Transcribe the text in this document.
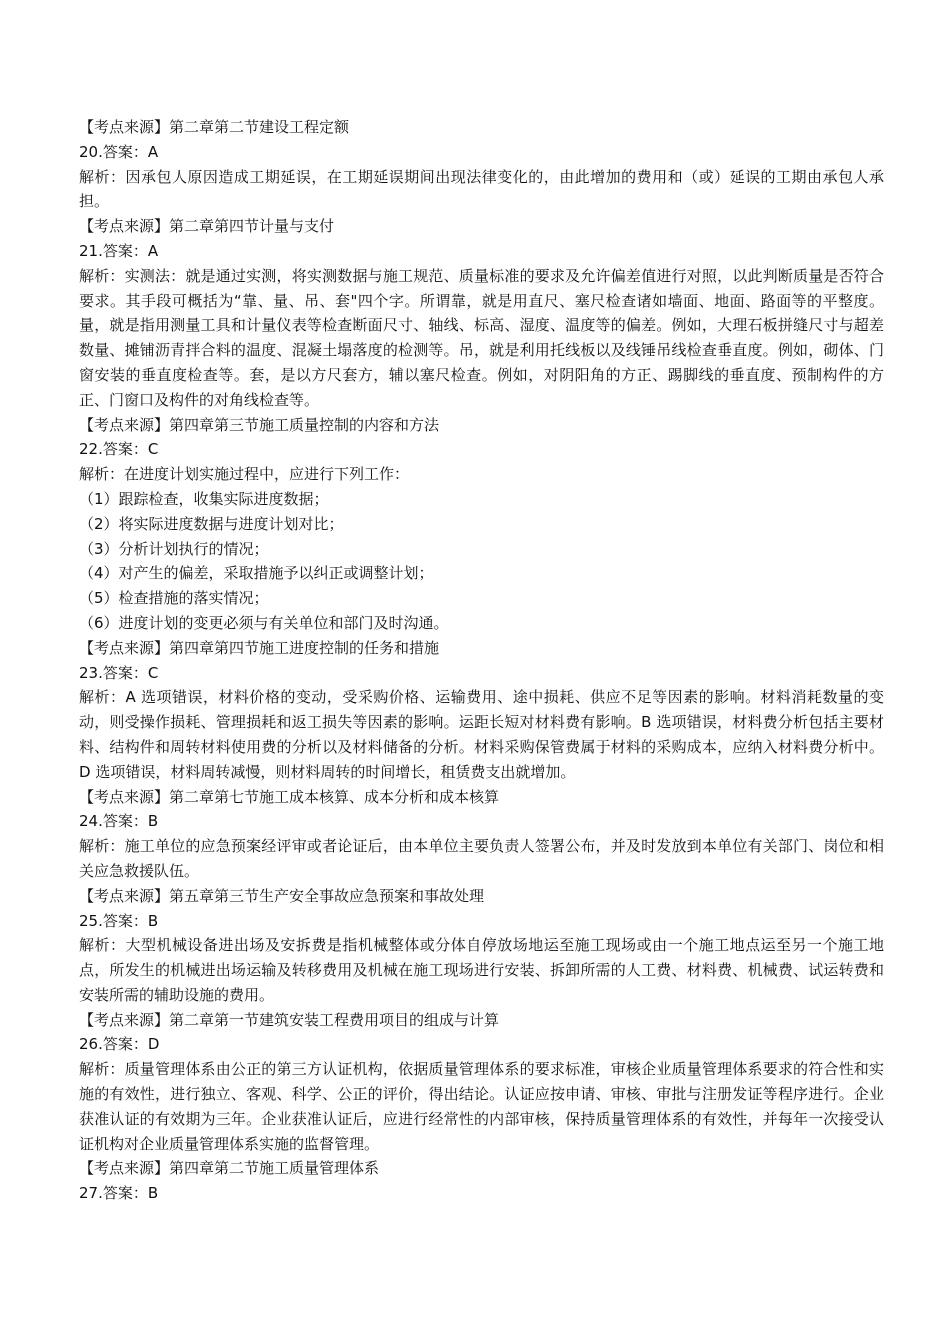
【考点来源】第二章第二节建设工程定额
20.答案：A
解析：因承包人原因造成工期延误，在工期延误期间出现法律变化的，由此增加的费用和（或）延误的工期由承包人承担。
【考点来源】第二章第四节计量与支付
21.答案：A
解析：实测法：就是通过实测，将实测数据与施工规范、质量标准的要求及允许偏差值进行对照，以此判断质量是否符合要求。其手段可概括为“靠、量、吊、套"四个字。所谓靠，就是用直尺、塞尺检查诸如墙面、地面、路面等的平整度。量，就是指用测量工具和计量仪表等检查断面尺寸、轴线、标高、湿度、温度等的偏差。例如，大理石板拼缝尺寸与超差数量、摊铺沥青拌合料的温度、混凝土塌落度的检测等。吊，就是利用托线板以及线锤吊线检查垂直度。例如，砌体、门窗安装的垂直度检查等。套，是以方尺套方，辅以塞尺检查。例如，对阴阳角的方正、踢脚线的垂直度、预制构件的方正、门窗口及构件的对角线检查等。
【考点来源】第四章第三节施工质量控制的内容和方法
22.答案：C
解析：在进度计划实施过程中，应进行下列工作：
（1）跟踪检查，收集实际进度数据；
（2）将实际进度数据与进度计划对比；
（3）分析计划执行的情况；
（4）对产生的偏差，采取措施予以纠正或调整计划；
（5）检查措施的落实情况；
（6）进度计划的变更必须与有关单位和部门及时沟通。
【考点来源】第四章第四节施工进度控制的任务和措施
23.答案：C
解析：A 选项错误，材料价格的变动，受采购价格、运输费用、途中损耗、供应不足等因素的影响。材料消耗数量的变动，则受操作损耗、管理损耗和返工损失等因素的影响。运距长短对材料费有影响。B 选项错误，材料费分析包括主要材料、结构件和周转材料使用费的分析以及材料储备的分析。材料采购保管费属于材料的采购成本，应纳入材料费分析中。D 选项错误，材料周转减慢，则材料周转的时间增长，租赁费支出就增加。
【考点来源】第二章第七节施工成本核算、成本分析和成本核算
24.答案：B
解析：施工单位的应急预案经评审或者论证后，由本单位主要负责人签署公布，并及时发放到本单位有关部门、岗位和相关应急救援队伍。
【考点来源】第五章第三节生产安全事故应急预案和事故处理
25.答案：B
解析：大型机械设备进出场及安拆费是指机械整体或分体自停放场地运至施工现场或由一个施工地点运至另一个施工地点，所发生的机械进出场运输及转移费用及机械在施工现场进行安装、拆卸所需的人工费、材料费、机械费、试运转费和安装所需的辅助设施的费用。
【考点来源】第二章第一节建筑安装工程费用项目的组成与计算
26.答案：D
解析：质量管理体系由公正的第三方认证机构，依据质量管理体系的要求标准，审核企业质量管理体系要求的符合性和实施的有效性，进行独立、客观、科学、公正的评价，得出结论。认证应按申请、审核、审批与注册发证等程序进行。企业获准认证的有效期为三年。企业获准认证后，应进行经常性的内部审核，保持质量管理体系的有效性，并每年一次接受认证机构对企业质量管理体系实施的监督管理。
【考点来源】第四章第二节施工质量管理体系
27.答案：B
